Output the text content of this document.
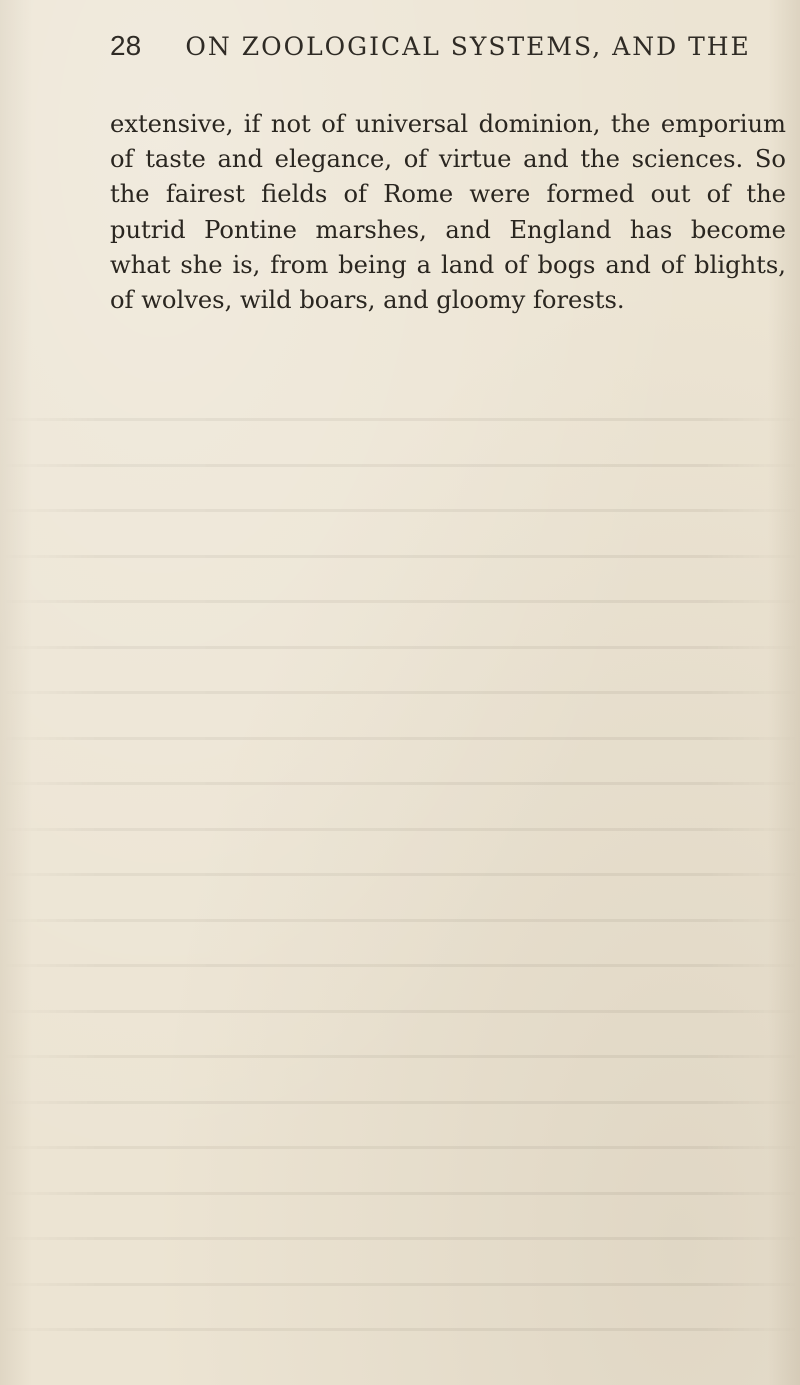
28 ON ZOOLOGICAL SYSTEMS, AND THE

extensive, if not of universal dominion, the emporium of taste and elegance, of virtue and the sciences. So the fairest fields of Rome were formed out of the putrid Pontine marshes, and England has become what she is, from being a land of bogs and of blights, of wolves, wild boars, and gloomy forests.
